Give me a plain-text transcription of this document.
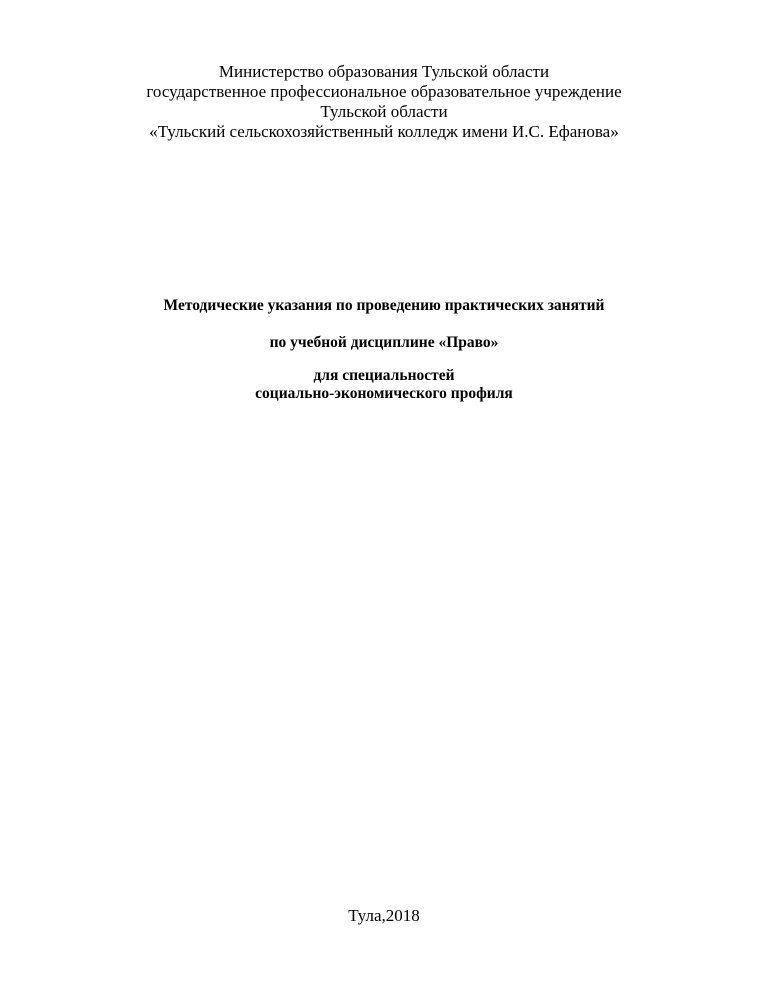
Министерство образования Тульской области
государственное профессиональное образовательное учреждение
Тульской области
«Тульский сельскохозяйственный колледж имени И.С. Ефанова»
Методические указания по проведению практических занятий
по учебной дисциплине «Право»
для специальностей
социально-экономического профиля
Тула,2018
